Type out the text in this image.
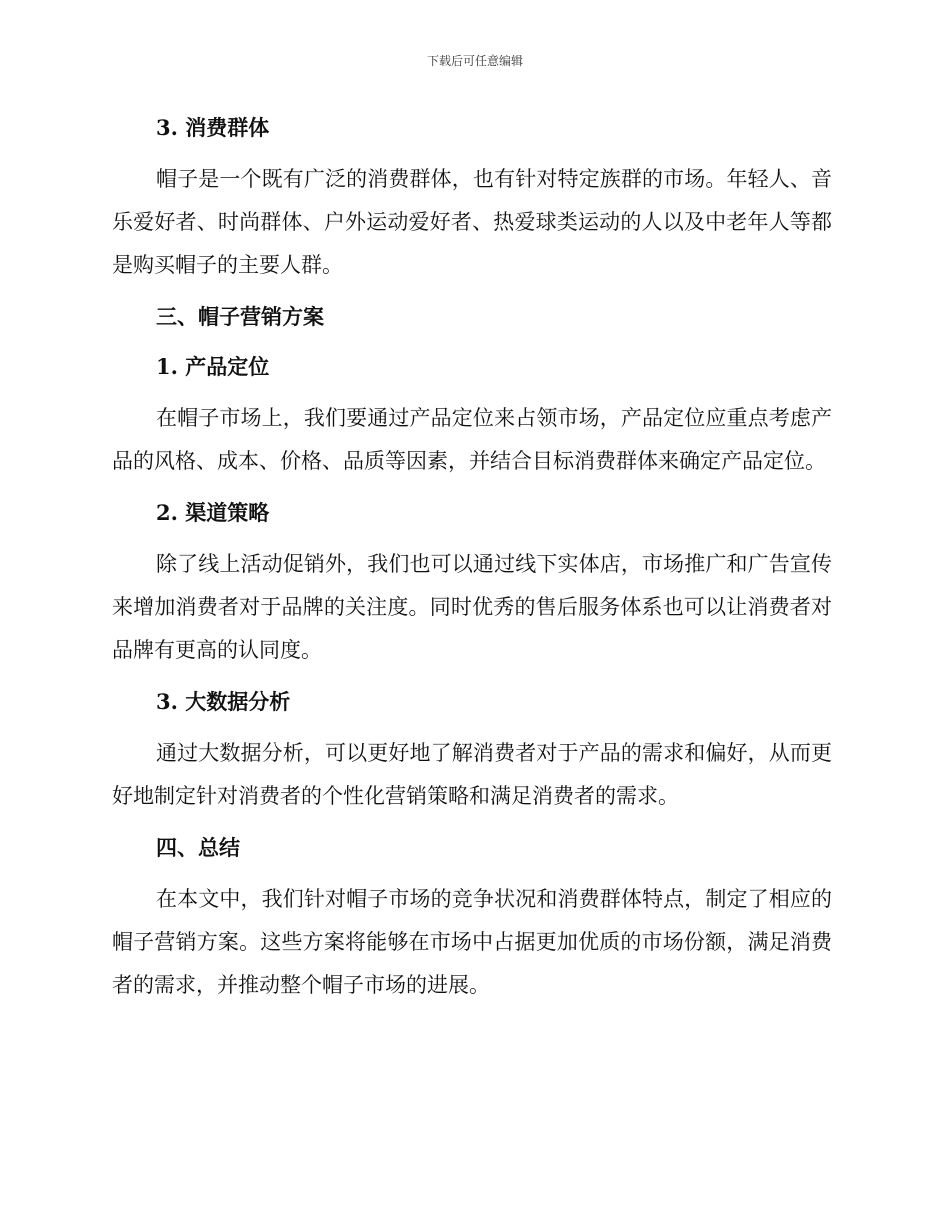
下载后可任意编辑
3. 消费群体

帽子是一个既有广泛的消费群体，也有针对特定族群的市场。年轻人、音乐爱好者、时尚群体、户外运动爱好者、热爱球类运动的人以及中老年人等都是购买帽子的主要人群。

三、帽子营销方案
1. 产品定位

在帽子市场上，我们要通过产品定位来占领市场，产品定位应重点考虑产品的风格、成本、价格、品质等因素，并结合目标消费群体来确定产品定位。

2. 渠道策略

除了线上活动促销外，我们也可以通过线下实体店，市场推广和广告宣传来增加消费者对于品牌的关注度。同时优秀的售后服务体系也可以让消费者对品牌有更高的认同度。

3. 大数据分析

通过大数据分析，可以更好地了解消费者对于产品的需求和偏好，从而更好地制定针对消费者的个性化营销策略和满足消费者的需求。

四、总结

在本文中，我们针对帽子市场的竞争状况和消费群体特点，制定了相应的帽子营销方案。这些方案将能够在市场中占据更加优质的市场份额，满足消费者的需求，并推动整个帽子市场的进展。
